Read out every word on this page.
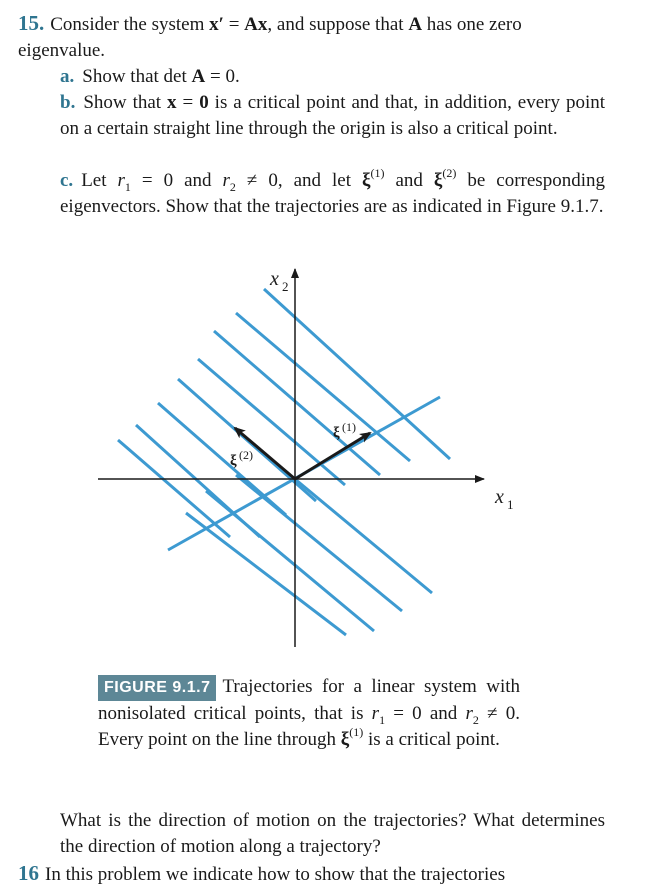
15. Consider the system x′ = Ax, and suppose that A has one zero
eigenvalue.

a. Show that det A = 0.

b. Show that x = 0 is a critical point and that, in addition, every point on a certain straight line through the origin is also a critical point.

c. Let $r_1 = 0$ and $r_2 \ne 0$, and let $\xi^{(1)}$ and $\xi^{(2)}$ be corresponding eigenvectors. Show that the trajectories are as indicated in Figure 9.1.7.

x 1
x 2
ξ (1)
ξ (2)

FIGURE 9.1.7 Trajectories for a linear system with nonisolated critical points, that is $r_1 = 0$ and $r_2 \ne 0$. Every point on the line through $\xi^{(1)}$ is a critical point.

What is the direction of motion on the trajectories? What determines the direction of motion along a trajectory?

16 In this problem we indicate how to show that the trajectories
